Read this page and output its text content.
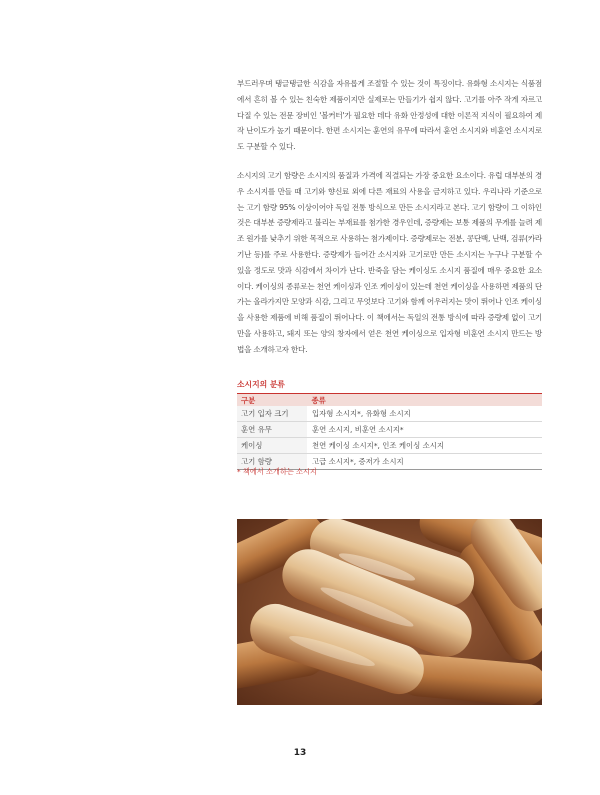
부드러우며 탱글탱글한 식감을 자유롭게 조절할 수 있는 것이 특징이다. 유화형 소시지는 식품점에서 흔히 볼 수 있는 친숙한 제품이지만 실제로는 만들기가 쉽지 않다. 고기를 아주 작게 자르고 다질 수 있는 전문 장비인 '볼커터'가 필요한 데다 유화 안정성에 대한 이론적 지식이 필요하여 제작 난이도가 높기 때문이다. 한편 소시지는 훈연의 유무에 따라서 훈연 소시지와 비훈연 소시지로도 구분할 수 있다.

소시지의 고기 함량은 소시지의 품질과 가격에 직결되는 가장 중요한 요소이다. 유럽 대부분의 경우 소시지를 만들 때 고기와 향신료 외에 다른 재료의 사용을 금지하고 있다. 우리나라 기준으로는 고기 함량 95% 이상이어야 독일 전통 방식으로 만든 소시지라고 본다. 고기 함량이 그 이하인 것은 대부분 증량제라고 불리는 부재료를 첨가한 경우인데, 증량제는 보통 제품의 무게를 늘려 제조 원가를 낮추기 위한 목적으로 사용하는 첨가제이다. 증량제로는 전분, 콩단백, 난백, 검류(카라기난 등)를 주로 사용한다. 증량제가 들어간 소시지와 고기로만 만든 소시지는 누구나 구분할 수 있을 정도로 맛과 식감에서 차이가 난다. 반죽을 담는 케이싱도 소시지 품질에 매우 중요한 요소이다. 케이싱의 종류로는 천연 케이싱과 인조 케이싱이 있는데 천연 케이싱을 사용하면 제품의 단가는 올라가지만 모양과 식감, 그리고 무엇보다 고기와 함께 어우러지는 맛이 뛰어나 인조 케이싱을 사용한 제품에 비해 품질이 뛰어나다. 이 책에서는 독일의 전통 방식에 따라 증량제 없이 고기만을 사용하고, 돼지 또는 양의 창자에서 얻은 천연 케이싱으로 입자형 비훈연 소시지 만드는 방법을 소개하고자 한다.

소시지의 분류

구분	종류
고기 입자 크기	입자형 소시지*, 유화형 소시지
훈연 유무	훈연 소시지, 비훈연 소시지*
케이싱	천연 케이싱 소시지*, 인조 케이싱 소시지
고기 함량	고급 소시지*, 증저가 소시지

* 책에서 소개하는 소시지

13
